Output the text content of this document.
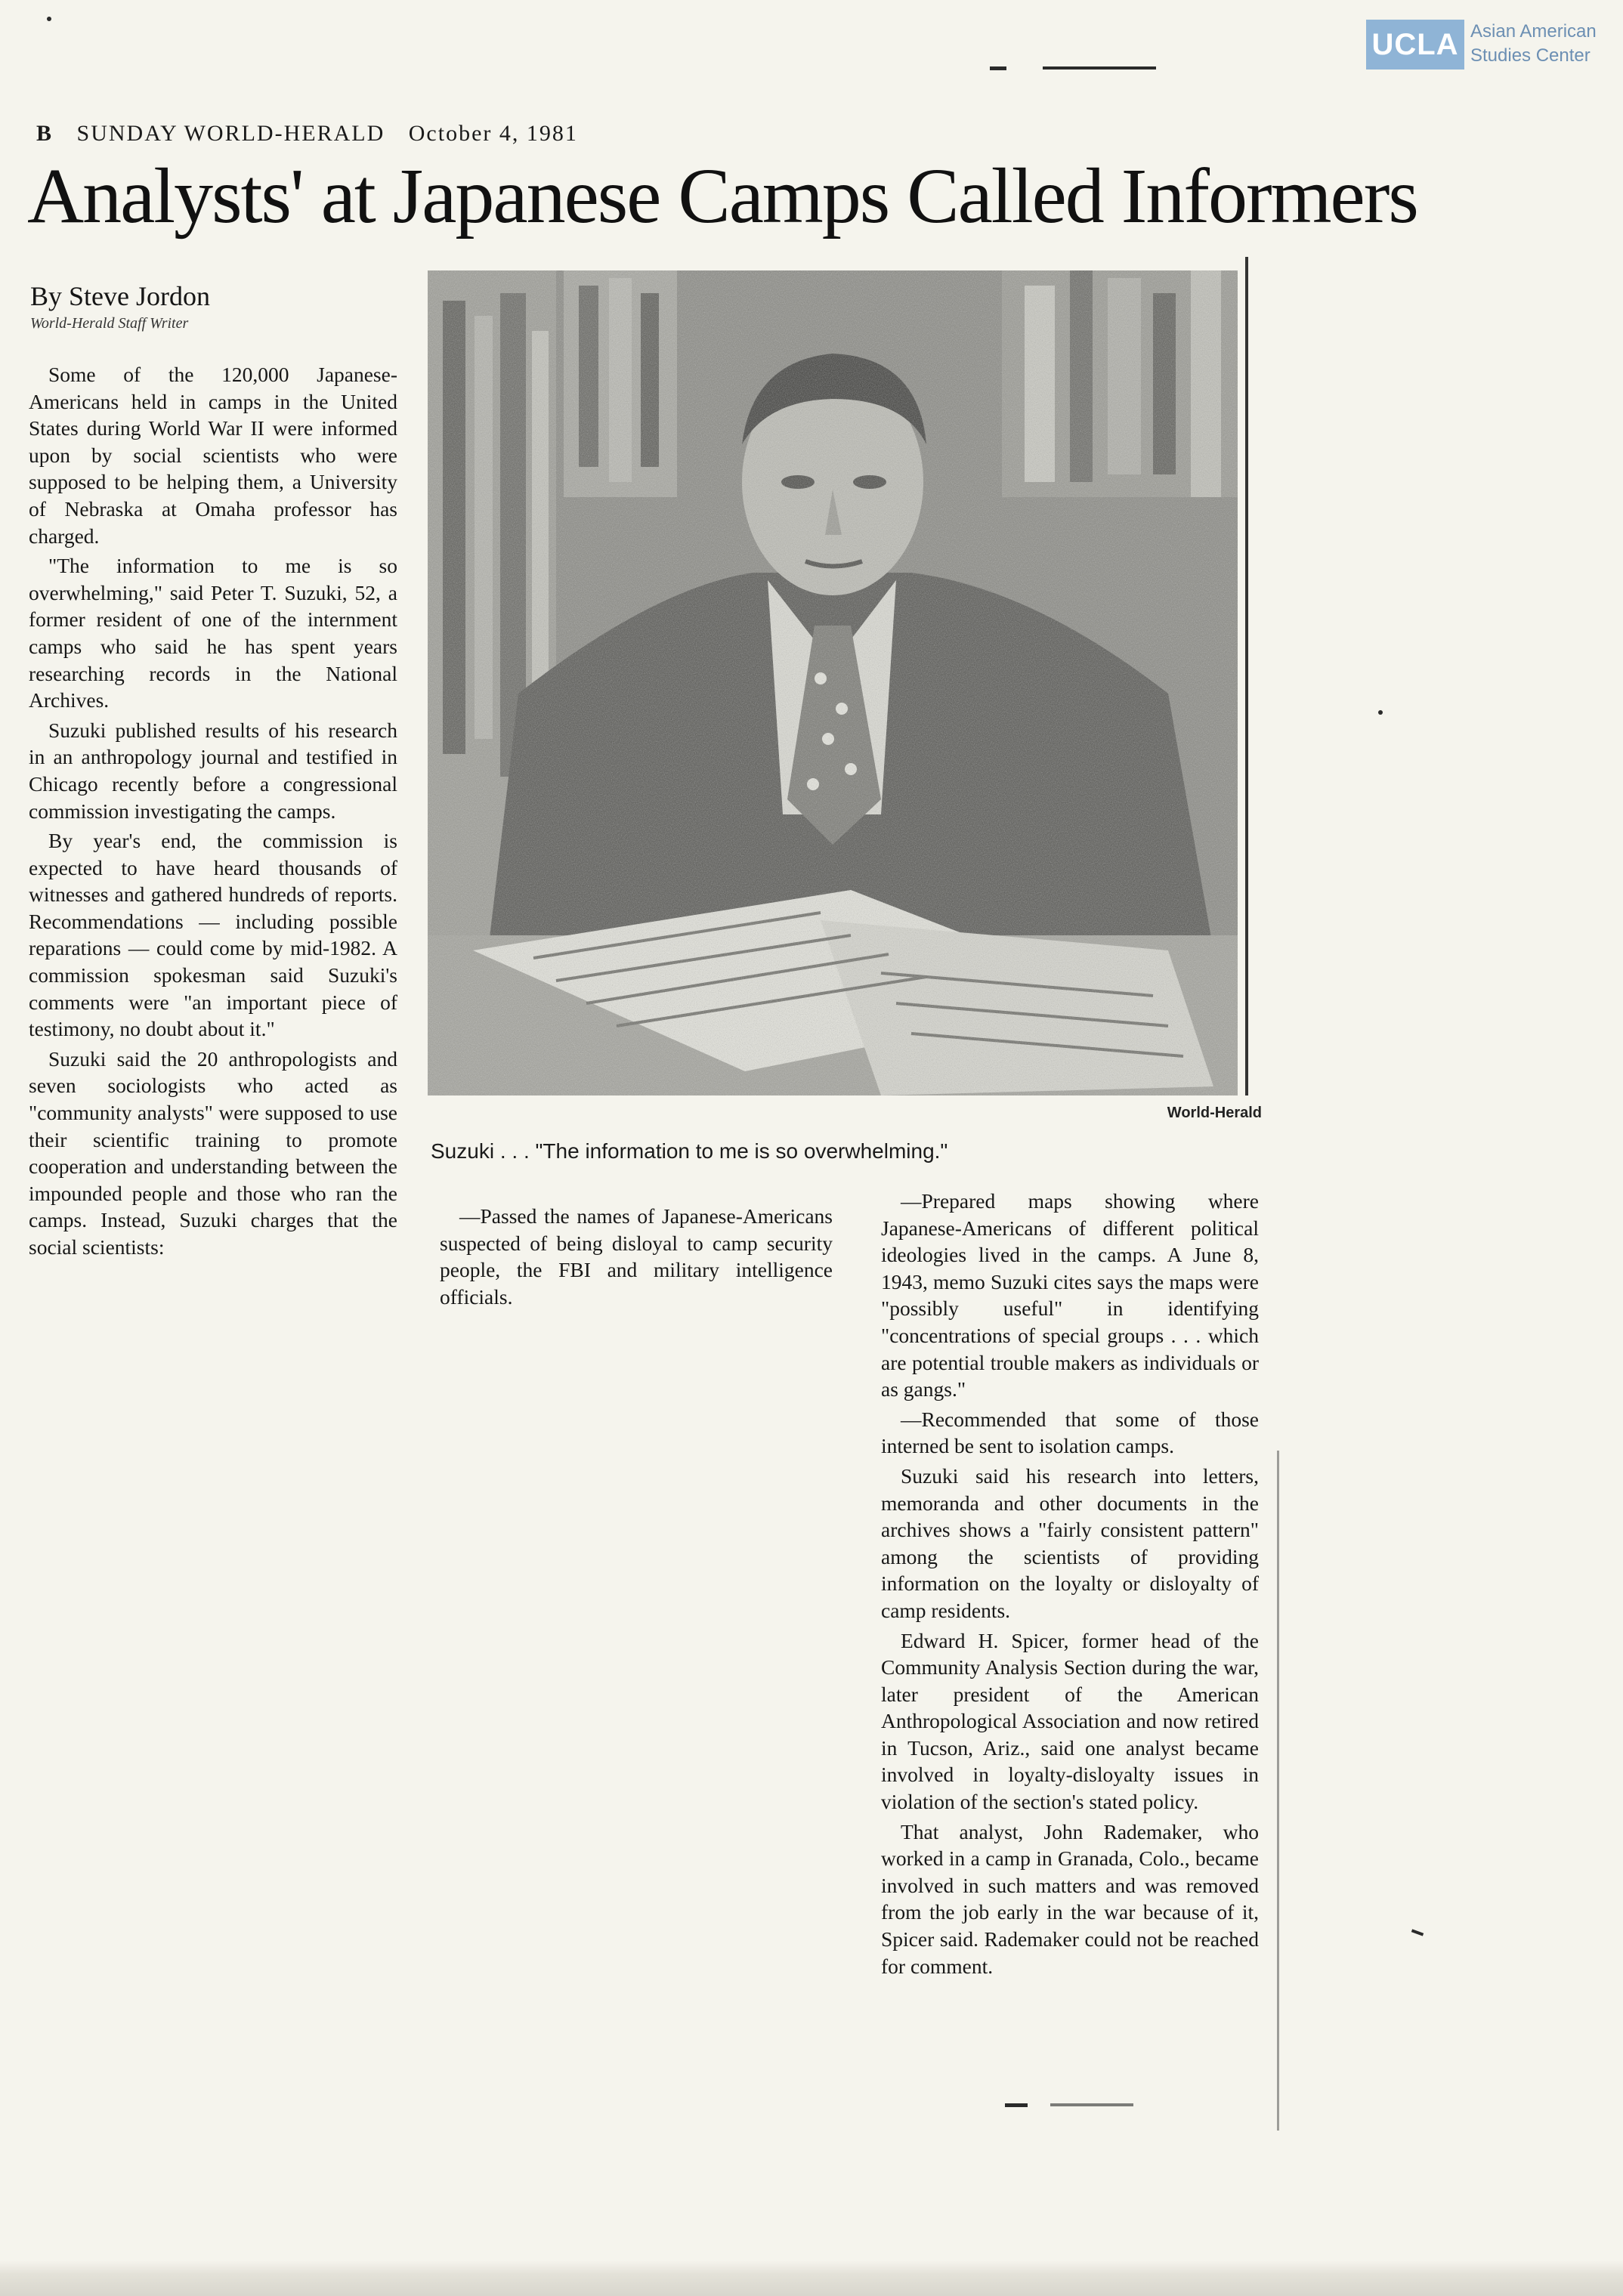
UCLA Asian American
Studies Center
B SUNDAY WORLD-HERALD October 4, 1981
Analysts' at Japanese Camps Called Informers
By Steve Jordon
World-Herald Staff Writer

Some of the 120,000 Japanese-Americans held in camps in the United States during World War II were informed upon by social scientists who were supposed to be helping them, a University of Nebraska at Omaha professor has charged.

"The information to me is so overwhelming," said Peter T. Suzuki, 52, a former resident of one of the internment camps who said he has spent years researching records in the National Archives.

Suzuki published results of his research in an anthropology journal and testified in Chicago recently before a congressional commission investigating the camps.

By year's end, the commission is expected to have heard thousands of witnesses and gathered hundreds of reports. Recommendations — including possible reparations — could come by mid-1982. A commission spokesman said Suzuki's comments were "an important piece of testimony, no doubt about it."

Suzuki said the 20 anthropologists and seven sociologists who acted as "community analysts" were supposed to use their scientific training to promote cooperation and understanding between the impounded people and those who ran the camps. Instead, Suzuki charges that the social scientists:

World-Herald
Suzuki . . . "The information to me is so overwhelming."

—Passed the names of Japanese-Americans suspected of being disloyal to camp security people, the FBI and military intelligence officials.

—Prepared maps showing where Japanese-Americans of different political ideologies lived in the camps. A June 8, 1943, memo Suzuki cites says the maps were "possibly useful" in identifying "concentrations of special groups . . . which are potential trouble makers as individuals or as gangs."

—Recommended that some of those interned be sent to isolation camps.

Suzuki said his research into letters, memoranda and other documents in the archives shows a "fairly consistent pattern" among the scientists of providing information on the loyalty or disloyalty of camp residents.

Edward H. Spicer, former head of the Community Analysis Section during the war, later president of the American Anthropological Association and now retired in Tucson, Ariz., said one analyst became involved in loyalty-disloyalty issues in violation of the section's stated policy.

That analyst, John Rademaker, who worked in a camp in Granada, Colo., became involved in such matters and was removed from the job early in the war because of it, Spicer said. Rademaker could not be reached for comment.
